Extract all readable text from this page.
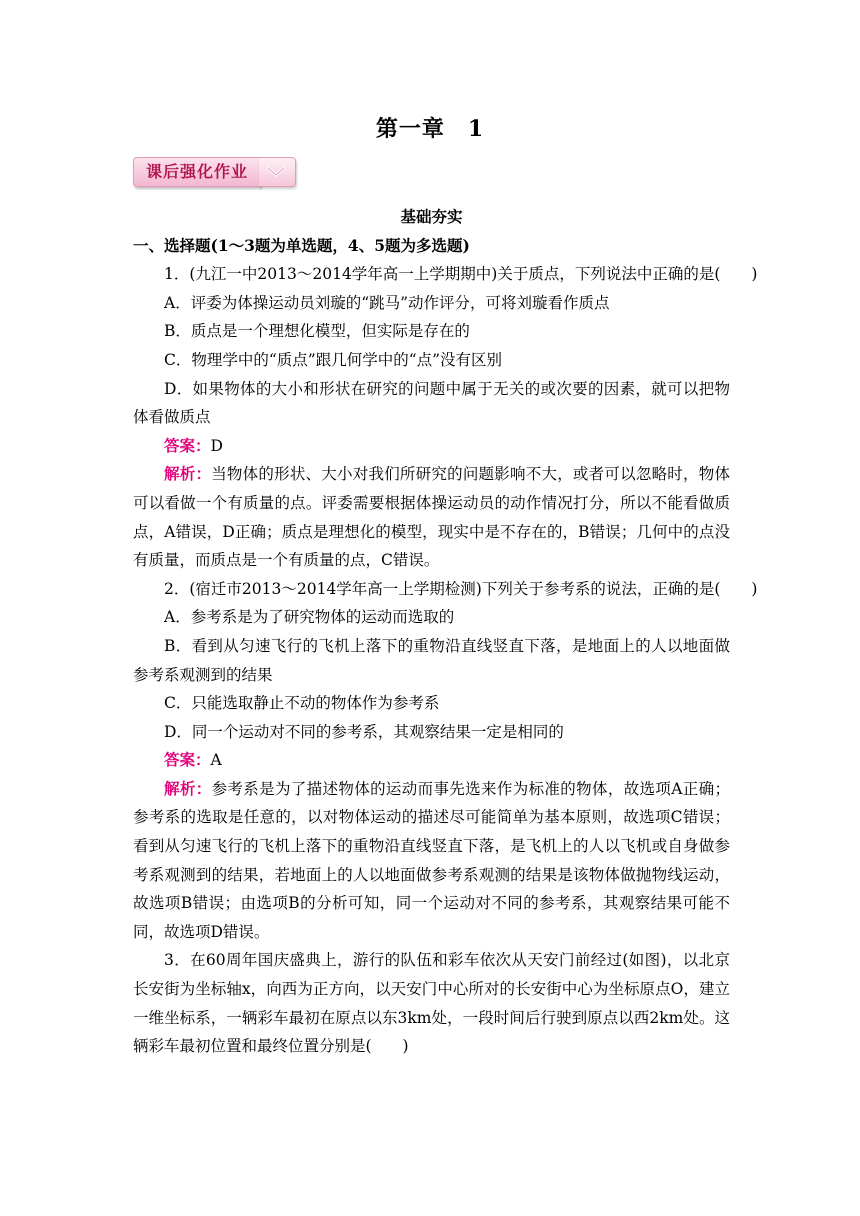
第一章　1
课后强化作业
基础夯实
一、选择题(1～3题为单选题，4、5题为多选题)
1．(九江一中2013～2014学年高一上学期期中)关于质点，下列说法中正确的是(　　)
A．评委为体操运动员刘璇的“跳马”动作评分，可将刘璇看作质点
B．质点是一个理想化模型，但实际是存在的
C．物理学中的“质点”跟几何学中的“点”没有区别
D．如果物体的大小和形状在研究的问题中属于无关的或次要的因素，就可以把物体看做质点
答案：D
解析：当物体的形状、大小对我们所研究的问题影响不大，或者可以忽略时，物体可以看做一个有质量的点。评委需要根据体操运动员的动作情况打分，所以不能看做质点，A错误，D正确；质点是理想化的模型，现实中是不存在的，B错误；几何中的点没有质量，而质点是一个有质量的点，C错误。
2．(宿迁市2013～2014学年高一上学期检测)下列关于参考系的说法，正确的是(　　)
A．参考系是为了研究物体的运动而选取的
B．看到从匀速飞行的飞机上落下的重物沿直线竖直下落，是地面上的人以地面做参考系观测到的结果
C．只能选取静止不动的物体作为参考系
D．同一个运动对不同的参考系，其观察结果一定是相同的
答案：A
解析：参考系是为了描述物体的运动而事先选来作为标准的物体，故选项A正确；参考系的选取是任意的，以对物体运动的描述尽可能简单为基本原则，故选项C错误；看到从匀速飞行的飞机上落下的重物沿直线竖直下落，是飞机上的人以飞机或自身做参考系观测到的结果，若地面上的人以地面做参考系观测的结果是该物体做抛物线运动，故选项B错误；由选项B的分析可知，同一个运动对不同的参考系，其观察结果可能不同，故选项D错误。
3．在60周年国庆盛典上，游行的队伍和彩车依次从天安门前经过(如图)，以北京长安街为坐标轴x，向西为正方向，以天安门中心所对的长安街中心为坐标原点O，建立一维坐标系，一辆彩车最初在原点以东3km处，一段时间后行驶到原点以西2km处。这辆彩车最初位置和最终位置分别是(　　)
